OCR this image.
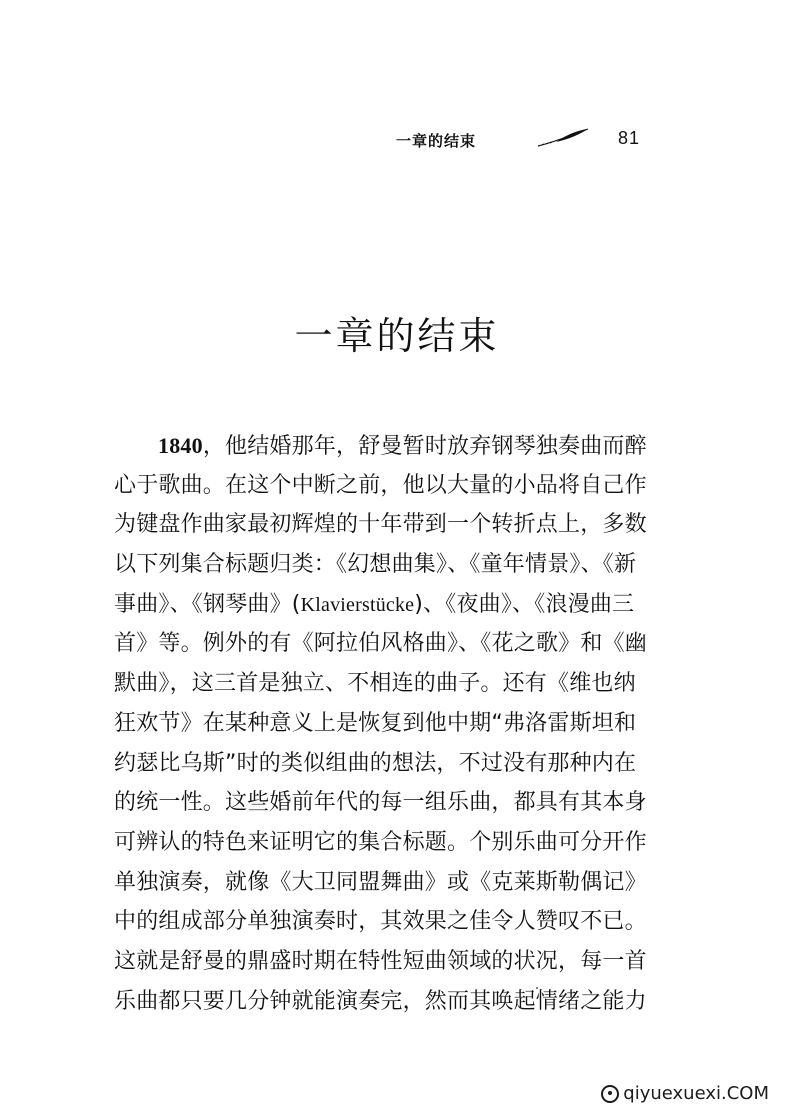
一章的结束	81
一章的结束
1840，他结婚那年，舒曼暂时放弃钢琴独奏曲而醉
心于歌曲。在这个中断之前，他以大量的小品将自己作
为键盘作曲家最初辉煌的十年带到一个转折点上，多数
以下列集合标题归类：《幻想曲集》、《童年情景》、《新
事曲》、《钢琴曲》(Klavierstücke)、《夜曲》、《浪漫曲三
首》等。例外的有《阿拉伯风格曲》、《花之歌》和《幽
默曲》，这三首是独立、不相连的曲子。还有《维也纳
狂欢节》在某种意义上是恢复到他中期“弗洛雷斯坦和
约瑟比乌斯”时的类似组曲的想法，不过没有那种内在
的统一性。这些婚前年代的每一组乐曲，都具有其本身
可辨认的特色来证明它的集合标题。个别乐曲可分开作
单独演奏，就像《大卫同盟舞曲》或《克莱斯勒偶记》
中的组成部分单独演奏时，其效果之佳令人赞叹不已。
这就是舒曼的鼎盛时期在特性短曲领域的状况，每一首
乐曲都只要几分钟就能演奏完，然而其唤起情绪之能力
qiyuexuexi.COM
